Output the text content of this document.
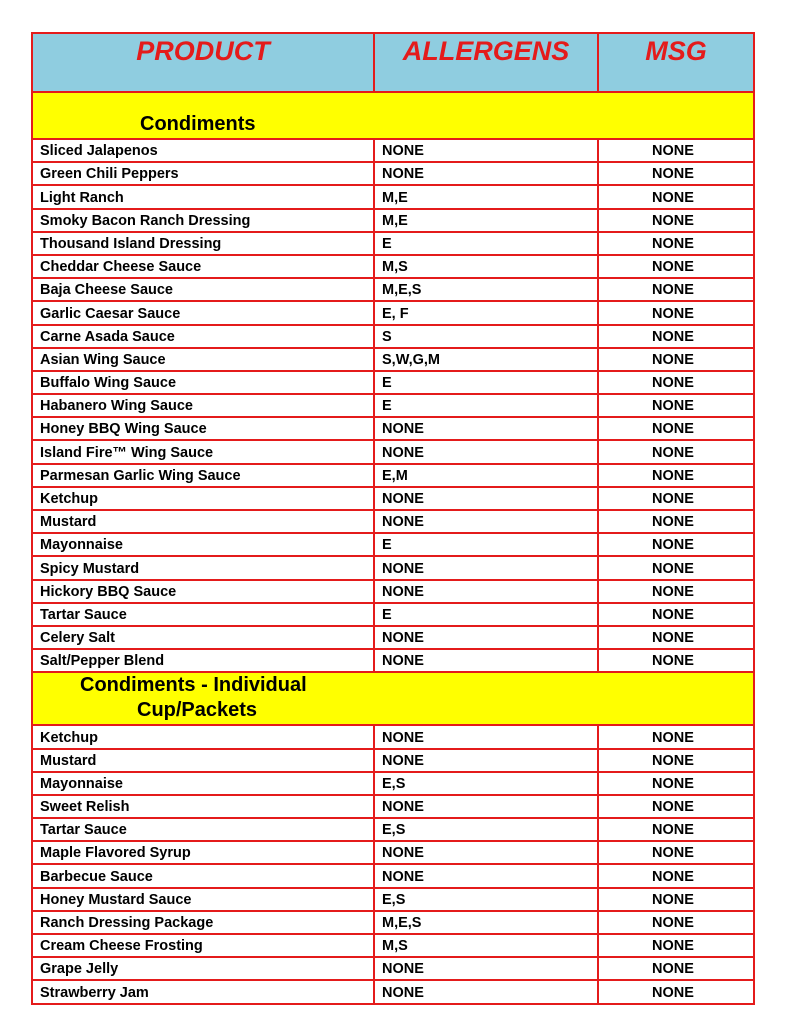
PRODUCT	ALLERGENS	MSG
Condiments		
Sliced Jalapenos	NONE	NONE
Green Chili Peppers	NONE	NONE
Light Ranch	M,E	NONE
Smoky Bacon Ranch Dressing	M,E	NONE
Thousand Island Dressing	E	NONE
Cheddar Cheese Sauce	M,S	NONE
Baja Cheese Sauce	M,E,S	NONE
Garlic Caesar Sauce	E, F	NONE
Carne Asada Sauce	S	NONE
Asian Wing Sauce	S,W,G,M	NONE
Buffalo Wing Sauce	E	NONE
Habanero Wing Sauce	E	NONE
Honey BBQ Wing Sauce	NONE	NONE
Island Fire™ Wing Sauce	NONE	NONE
Parmesan Garlic Wing Sauce	E,M	NONE
Ketchup	NONE	NONE
Mustard	NONE	NONE
Mayonnaise	E	NONE
Spicy Mustard	NONE	NONE
Hickory BBQ Sauce	NONE	NONE
Tartar Sauce	E	NONE
Celery Salt	NONE	NONE
Salt/Pepper Blend	NONE	NONE
Condiments - Individual
Cup/Packets		

Ketchup	NONE	NONE
Mustard	NONE	NONE
Mayonnaise	E,S	NONE
Sweet Relish	NONE	NONE
Tartar Sauce	E,S	NONE
Maple Flavored Syrup	NONE	NONE
Barbecue Sauce	NONE	NONE
Honey Mustard Sauce	E,S	NONE
Ranch Dressing Package	M,E,S	NONE
Cream Cheese Frosting	M,S	NONE
Grape Jelly	NONE	NONE
Strawberry Jam	NONE	NONE
